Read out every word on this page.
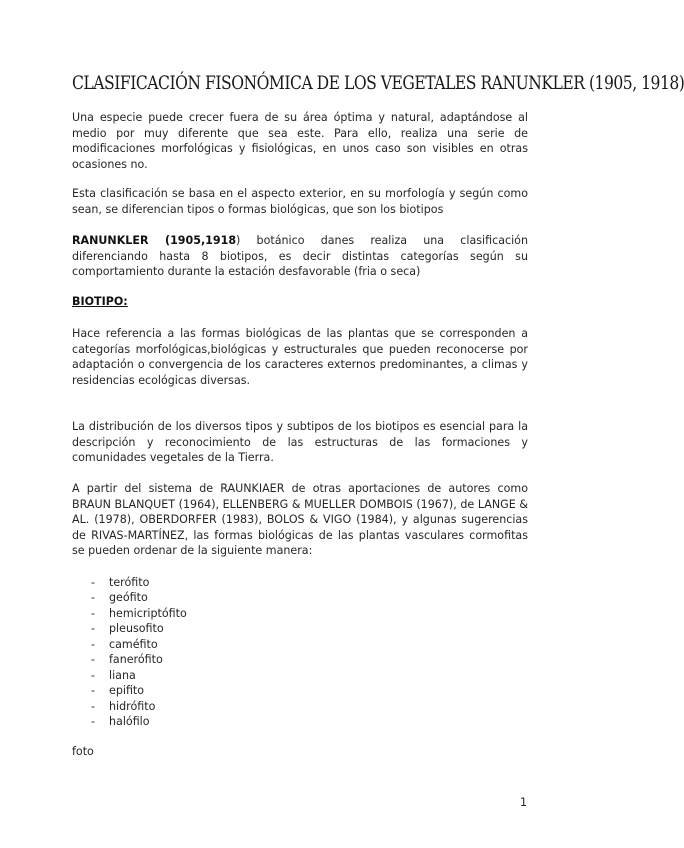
CLASIFICACIÓN FISONÓMICA DE LOS VEGETALES RANUNKLER (1905, 1918)
Una especie puede crecer fuera de su área óptima y natural, adaptándose al medio por muy diferente que sea este. Para ello, realiza una serie de modificaciones morfológicas y fisiológicas, en unos caso son visibles en otras ocasiones no.
Esta clasificación se basa en el aspecto exterior, en su morfología y según como sean, se diferencian tipos o formas biológicas, que son los biotipos
RANUNKLER (1905,1918) botánico danes realiza una clasificación diferenciando hasta 8 biotipos, es decir distintas categorías según su comportamiento durante la estación desfavorable (fria o seca)
BIOTIPO:
Hace referencia a las formas biológicas de las plantas que se corresponden a categorías morfológicas,biológicas y estructurales que pueden reconocerse por adaptación o convergencia de los caracteres externos predominantes, a climas y residencias ecológicas diversas.
La distribución de los diversos tipos y subtipos de los biotipos es esencial para la descripción y reconocimiento de las estructuras de las formaciones y comunidades vegetales de la Tierra.
A partir del sistema de RAUNKIAER de otras aportaciones de autores como BRAUN BLANQUET (1964), ELLENBERG & MUELLER DOMBOIS (1967), de LANGE & AL. (1978), OBERDORFER (1983), BOLOS & VIGO (1984), y algunas sugerencias de RIVAS-MARTÍNEZ, las formas biológicas de las plantas vasculares cormofitas se pueden ordenar de la siguiente manera:
- terófito
- geófito
- hemicriptófito
- pleusofito
- caméfito
- fanerófito
- liana
- epifito
- hidrófito
- halófilo
foto
1
